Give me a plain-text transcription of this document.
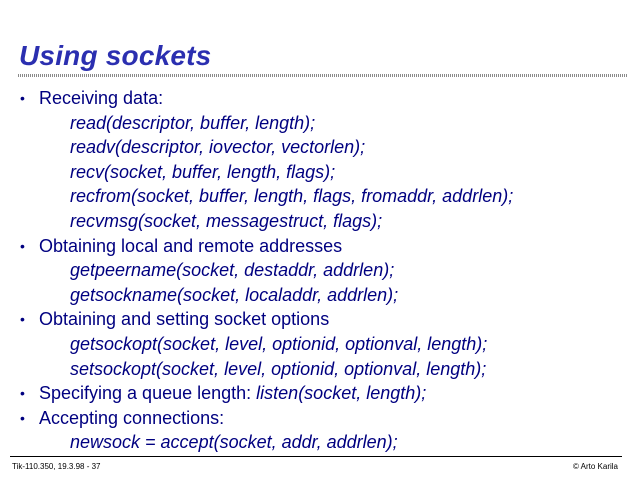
Using sockets
• Receiving data:
read(descriptor, buffer, length);
readv(descriptor, iovector, vectorlen);
recv(socket, buffer, length, flags);
recfrom(socket, buffer, length, flags, fromaddr, addrlen);
recvmsg(socket, messagestruct, flags);
• Obtaining local and remote addresses
getpeername(socket, destaddr, addrlen);
getsockname(socket, localaddr, addrlen);
• Obtaining and setting socket options
getsockopt(socket, level, optionid, optionval, length);
setsockopt(socket, level, optionid, optionval, length);
• Specifying a queue length: listen(socket, length);
• Accepting connections:
newsock = accept(socket, addr, addrlen);
Tik-110.350, 19.3.98 - 37	© Arto Karila
